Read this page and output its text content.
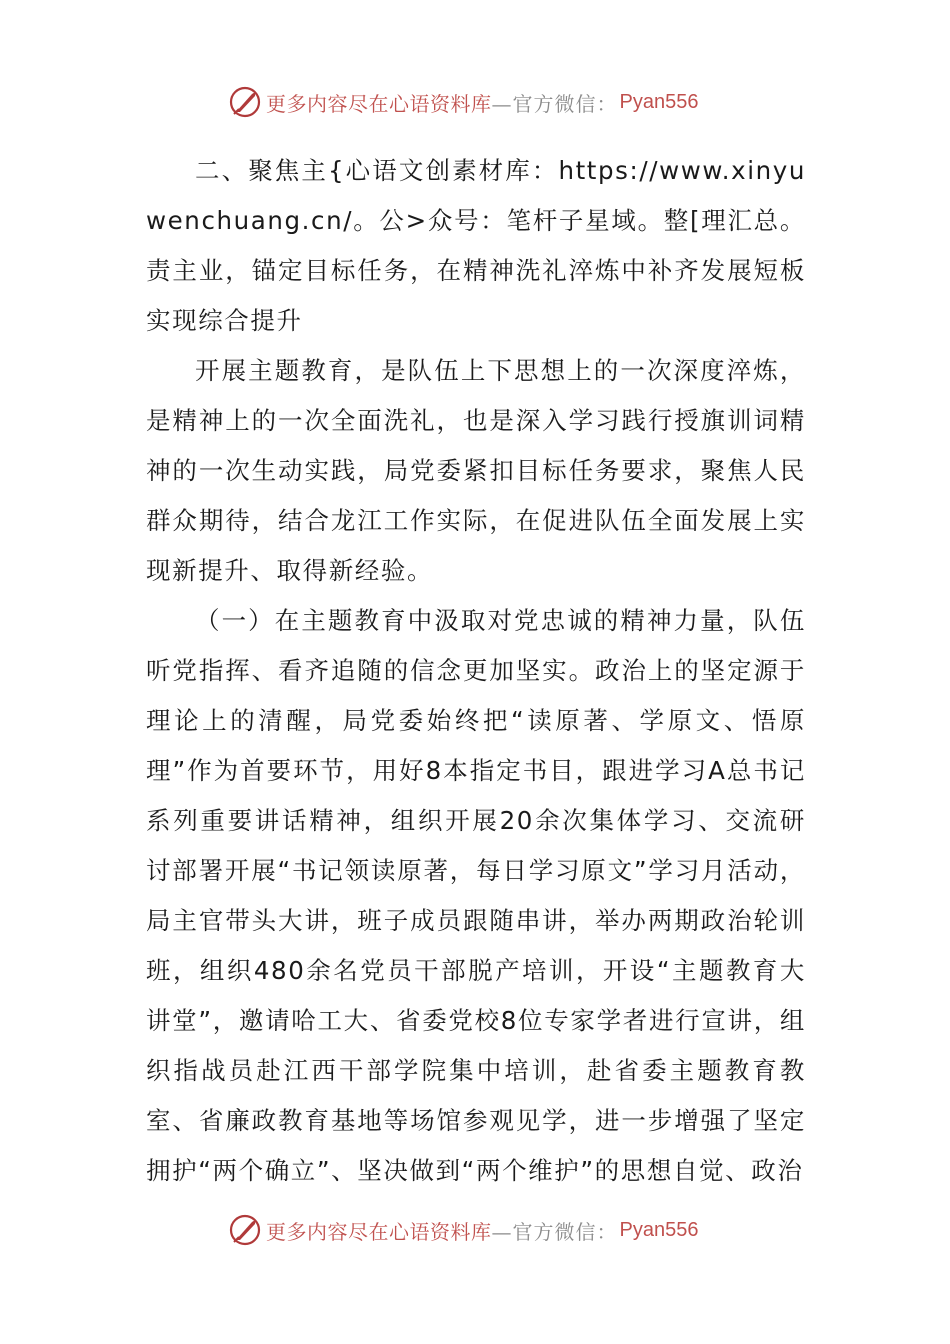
更多内容尽在心语资料库 —官方微信： Pyan556

二、聚焦主{心语文创素材库：https://www.xinyuwenchuang.cn/。公>众号：笔杆子星域。整[理汇总。责主业，锚定目标任务，在精神洗礼淬炼中补齐发展短板实现综合提升

开展主题教育，是队伍上下思想上的一次深度淬炼，是精神上的一次全面洗礼，也是深入学习践行授旗训词精神的一次生动实践，局党委紧扣目标任务要求，聚焦人民群众期待，结合龙江工作实际，在促进队伍全面发展上实现新提升、取得新经验。

（一）在主题教育中汲取对党忠诚的精神力量，队伍听党指挥、看齐追随的信念更加坚实。政治上的坚定源于理论上的清醒，局党委始终把“读原著、学原文、悟原理”作为首要环节，用好8本指定书目，跟进学习A总书记系列重要讲话精神，组织开展20余次集体学习、交流研讨部署开展“书记领读原著，每日学习原文”学习月活动，局主官带头大讲，班子成员跟随串讲，举办两期政治轮训班，组织480余名党员干部脱产培训，开设“主题教育大讲堂”，邀请哈工大、省委党校8位专家学者进行宣讲，组织指战员赴江西干部学院集中培训，赴省委主题教育教室、省廉政教育基地等场馆参观见学，进一步增强了坚定拥护“两个确立”、坚决做到“两个维护”的思想自觉、政治

更多内容尽在心语资料库 —官方微信： Pyan556
